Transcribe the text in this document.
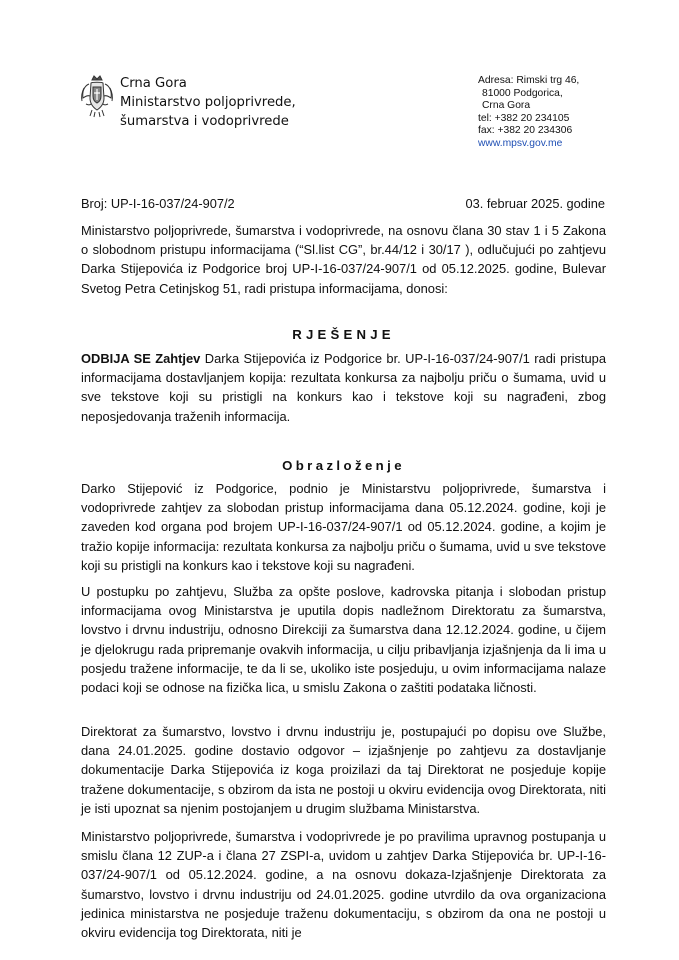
Crna Gora
Ministarstvo poljoprivrede,
šumarstva i vodoprivrede
Adresa: Rimski trg 46,
81000 Podgorica,
Crna Gora
tel: +382 20 234105
fax: +382 20 234306
www.mpsv.gov.me
Broj: UP-I-16-037/24-907/2	03. februar 2025. godine

Ministarstvo poljoprivrede, šumarstva i vodoprivrede, na osnovu člana 30 stav 1 i 5 Zakona o slobodnom pristupu informacijama (“Sl.list CG”, br.44/12 i 30/17 ), odlučujući po zahtjevu Darka Stijepovića iz Podgorice broj UP-I-16-037/24-907/1 od 05.12.2025. godine, Bulevar Svetog Petra Cetinjskog 51, radi pristupa informacijama, donosi:

RJEŠENJE

ODBIJA SE Zahtjev Darka Stijepovića iz Podgorice br. UP-I-16-037/24-907/1 radi pristupa informacijama dostavljanjem kopija: rezultata konkursa za najbolju priču o šumama, uvid u sve tekstove koji su pristigli na konkurs kao i tekstove koji su nagrađeni, zbog neposjedovanja traženih informacija.

Obrazloženje

Darko Stijepović iz Podgorice, podnio je Ministarstvu poljoprivrede, šumarstva i vodoprivrede zahtjev za slobodan pristup informacijama dana 05.12.2024. godine, koji je zaveden kod organa pod brojem UP-I-16-037/24-907/1 od 05.12.2024. godine, a kojim je tražio kopije informacija: rezultata konkursa za najbolju priču o šumama, uvid u sve tekstove koji su pristigli na konkurs kao i tekstove koji su nagrađeni.

U postupku po zahtjevu, Služba za opšte poslove, kadrovska pitanja i slobodan pristup informacijama ovog Ministarstva je uputila dopis nadležnom Direktoratu za šumarstva, lovstvo i drvnu industriju, odnosno Direkciji za šumarstva dana 12.12.2024. godine, u čijem je djelokrugu rada pripremanje ovakvih informacija, u cilju pribavljanja izjašnjenja da li ima u posjedu tražene informacije, te da li se, ukoliko iste posjeduju, u ovim informacijama nalaze podaci koji se odnose na fizička lica, u smislu Zakona o zaštiti podataka ličnosti.

Direktorat za šumarstvo, lovstvo i drvnu industriju je, postupajući po dopisu ove Službe, dana 24.01.2025. godine dostavio odgovor – izjašnjenje po zahtjevu za dostavljanje dokumentacije Darka Stijepovića iz koga proizilazi da taj Direktorat ne posjeduje kopije tražene dokumentacije, s obzirom da ista ne postoji u okviru evidencija ovog Direktorata, niti je isti upoznat sa njenim postojanjem u drugim službama Ministarstva.

Ministarstvo poljoprivrede, šumarstva i vodoprivrede je po pravilima upravnog postupanja u smislu člana 12 ZUP-a i člana 27 ZSPI-a, uvidom u zahtjev Darka Stijepovića br. UP-I-16-037/24-907/1 od 05.12.2024. godine, a na osnovu dokaza-Izjašnjenje Direktorata za šumarstvo, lovstvo i drvnu industriju od 24.01.2025. godine utvrdilo da ova organizaciona jedinica ministarstva ne posjeduje traženu dokumentaciju, s obzirom da ona ne postoji u okviru evidencija tog Direktorata, niti je
